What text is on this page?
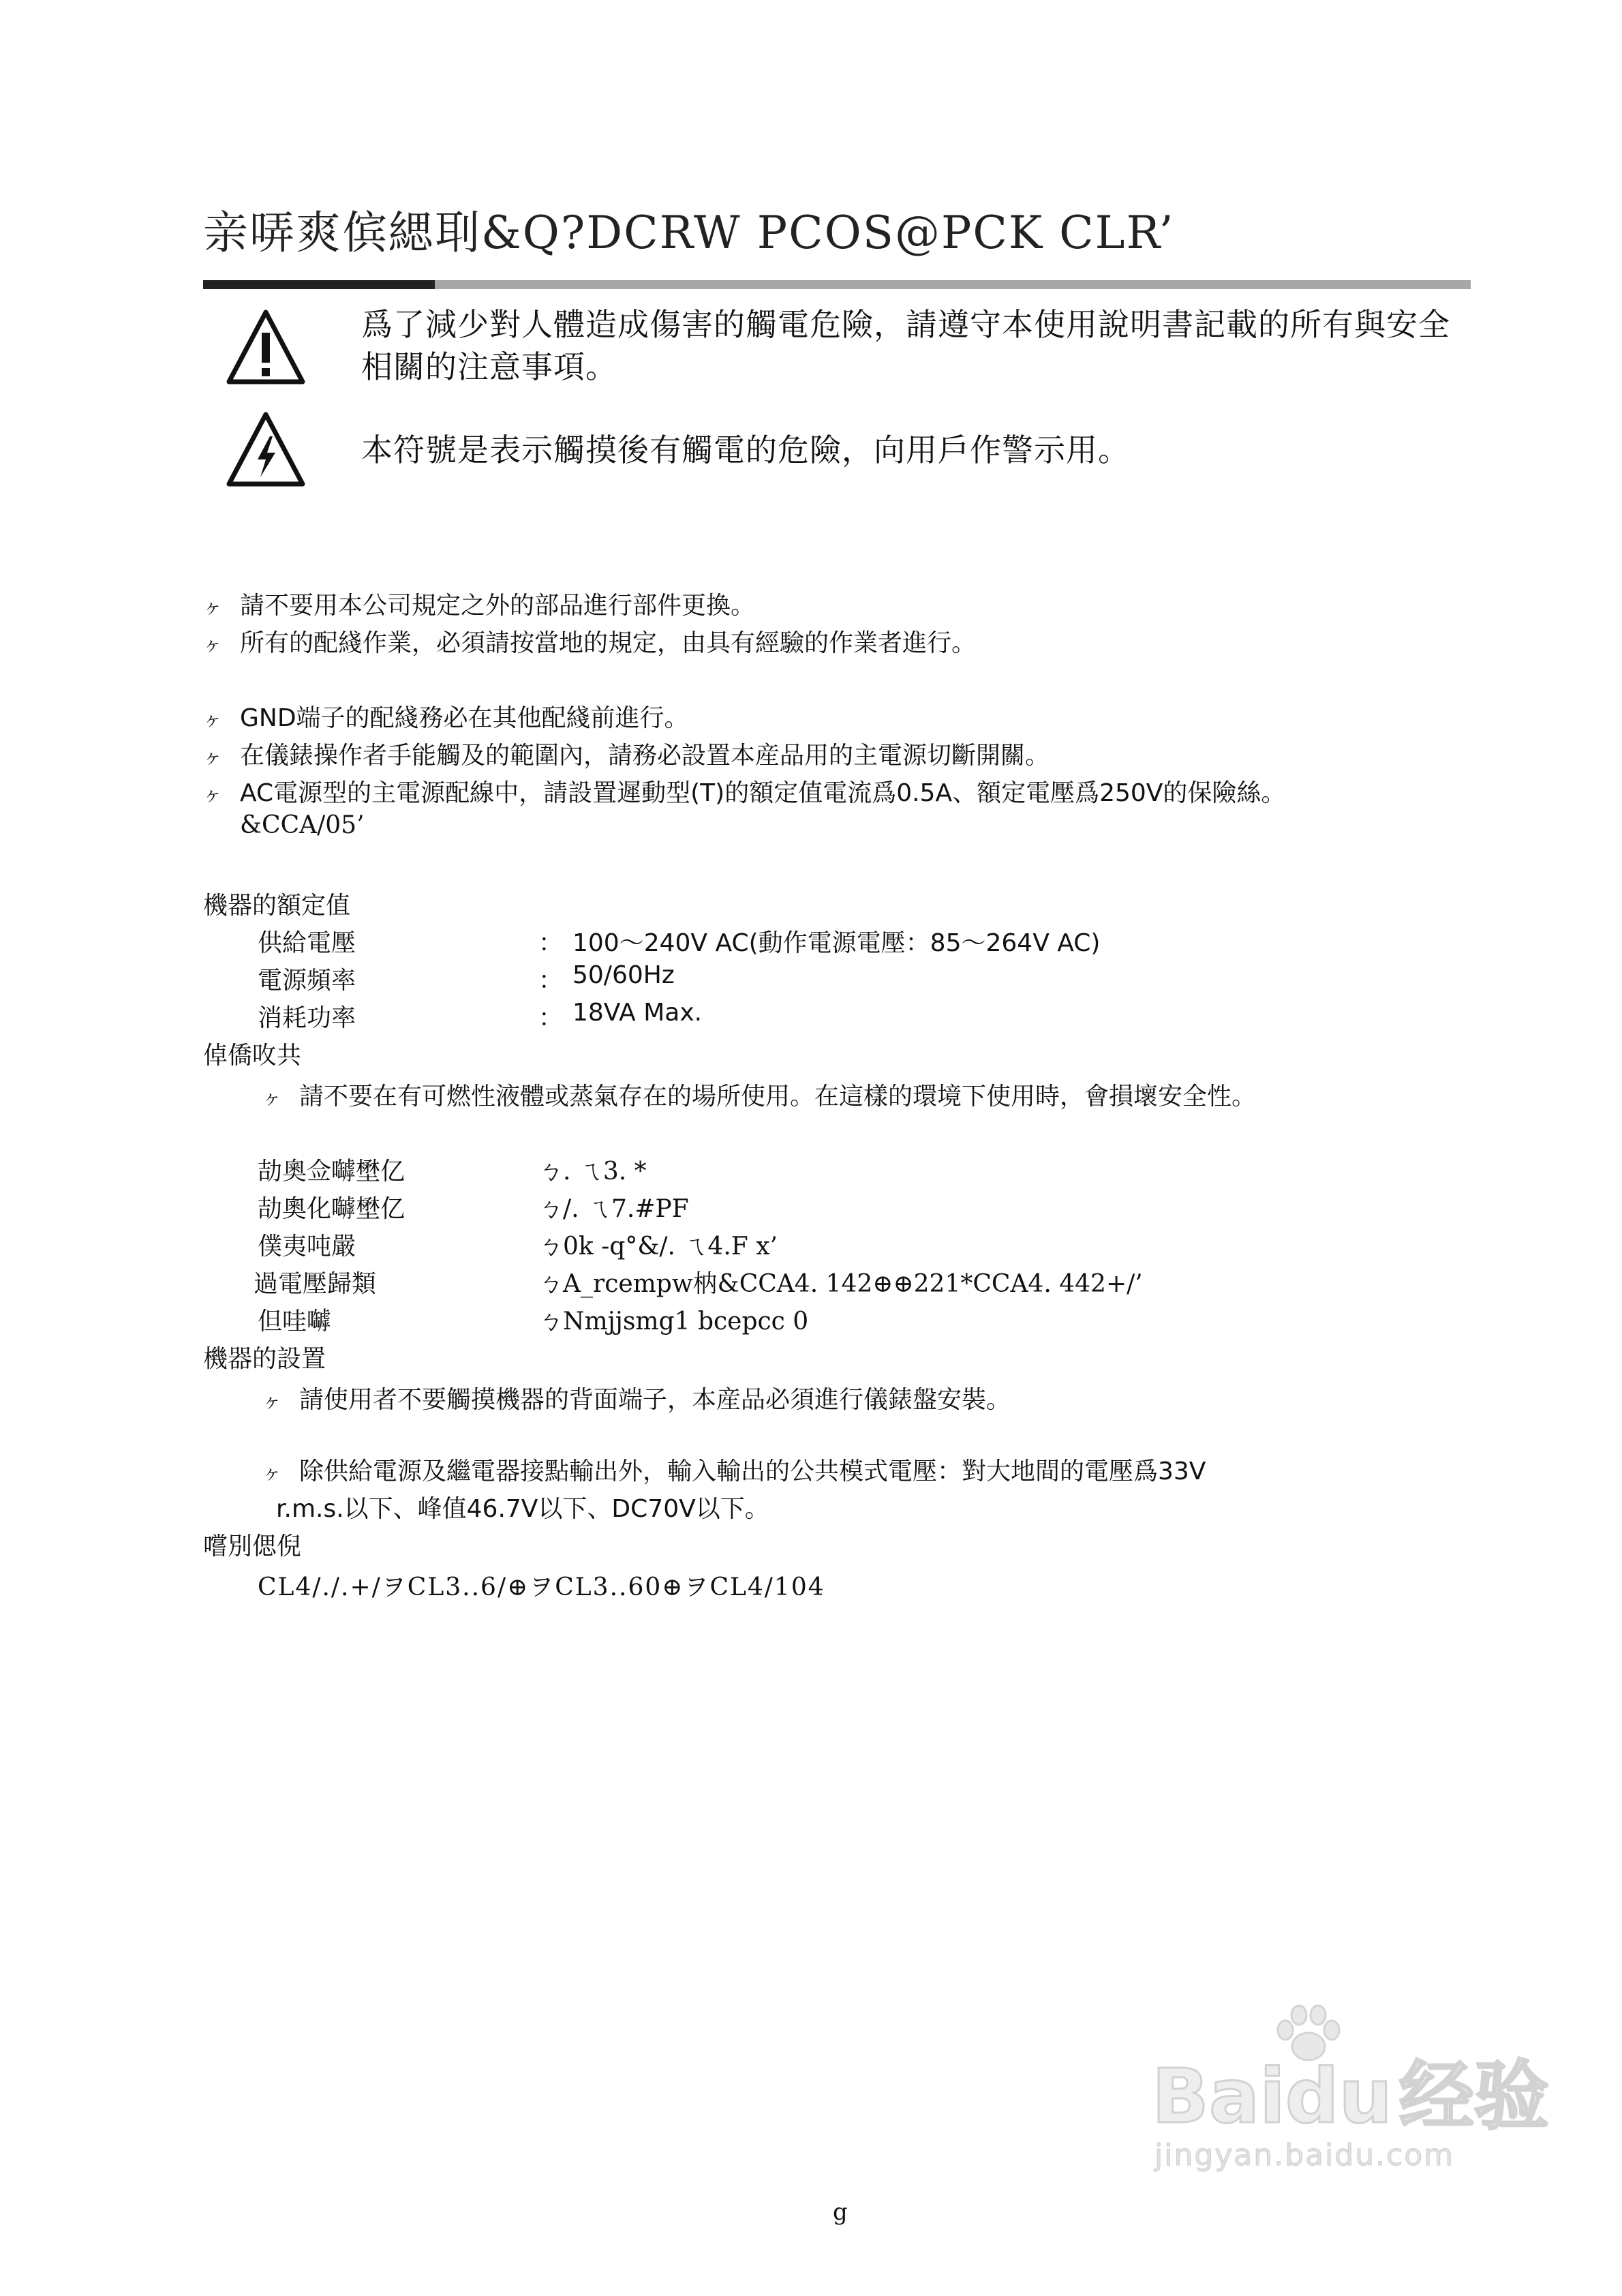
亲哢爽傧緦刵&Q?DCRW PCOS@PCK CLR’
爲了減少對人體造成傷害的觸電危險，請遵守本使用說明書記載的所有與安全相關的注意事項。
本符號是表示觸摸後有觸電的危險，向用戶作警示用。
ヶ 請不要用本公司規定之外的部品進行部件更換。
ヶ 所有的配綫作業，必須請按當地的規定，由具有經驗的作業者進行。
ヶ GND端子的配綫務必在其他配綫前進行。
ヶ 在儀錶操作者手能觸及的範圍內，請務必設置本産品用的主電源切斷開關。
ヶ AC電源型的主電源配線中，請設置遲動型(T)的額定值電流爲0.5A、額定電壓爲250V的保險絲。
&CCA/05’
機器的額定值
供給電壓	： 100～240V AC(動作電源電壓：85～264V AC)
電源頻率	： 50/60Hz
消耗功率	： 18VA Max.
倬僑呚共
ヶ 請不要在有可燃性液體或蒸氣存在的場所使用。在這樣的環境下使用時，會損壞安全性。
劼奧佥嚹壄亿	ㄅ. ㄟ3. *
劼奧化嚹壄亿	ㄅ/. ㄟ7.#PF
僕夷吨嚴	ㄅ0k -q°&/. ㄟ4.F x’
過電壓歸類	ㄅA_rcempw枘&CCA4. 142⊕⊕221*CCA4. 442+/’
但哇嚹	ㄅNmjjsmg1 bcepcc 0
機器的設置
ヶ 請使用者不要觸摸機器的背面端子，本産品必須進行儀錶盤安裝。
ヶ 除供給電源及繼電器接點輸出外，輸入輸出的公共模式電壓：對大地間的電壓爲33V
r.m.s.以下、峰值46.7V以下、DC70V以下。
嚐別偲倪
CL4/./.+/ヲCL3..6/⊕ヲCL3..60⊕ヲCL4/104
Baidu经验
jingyan.baidu.com
g
